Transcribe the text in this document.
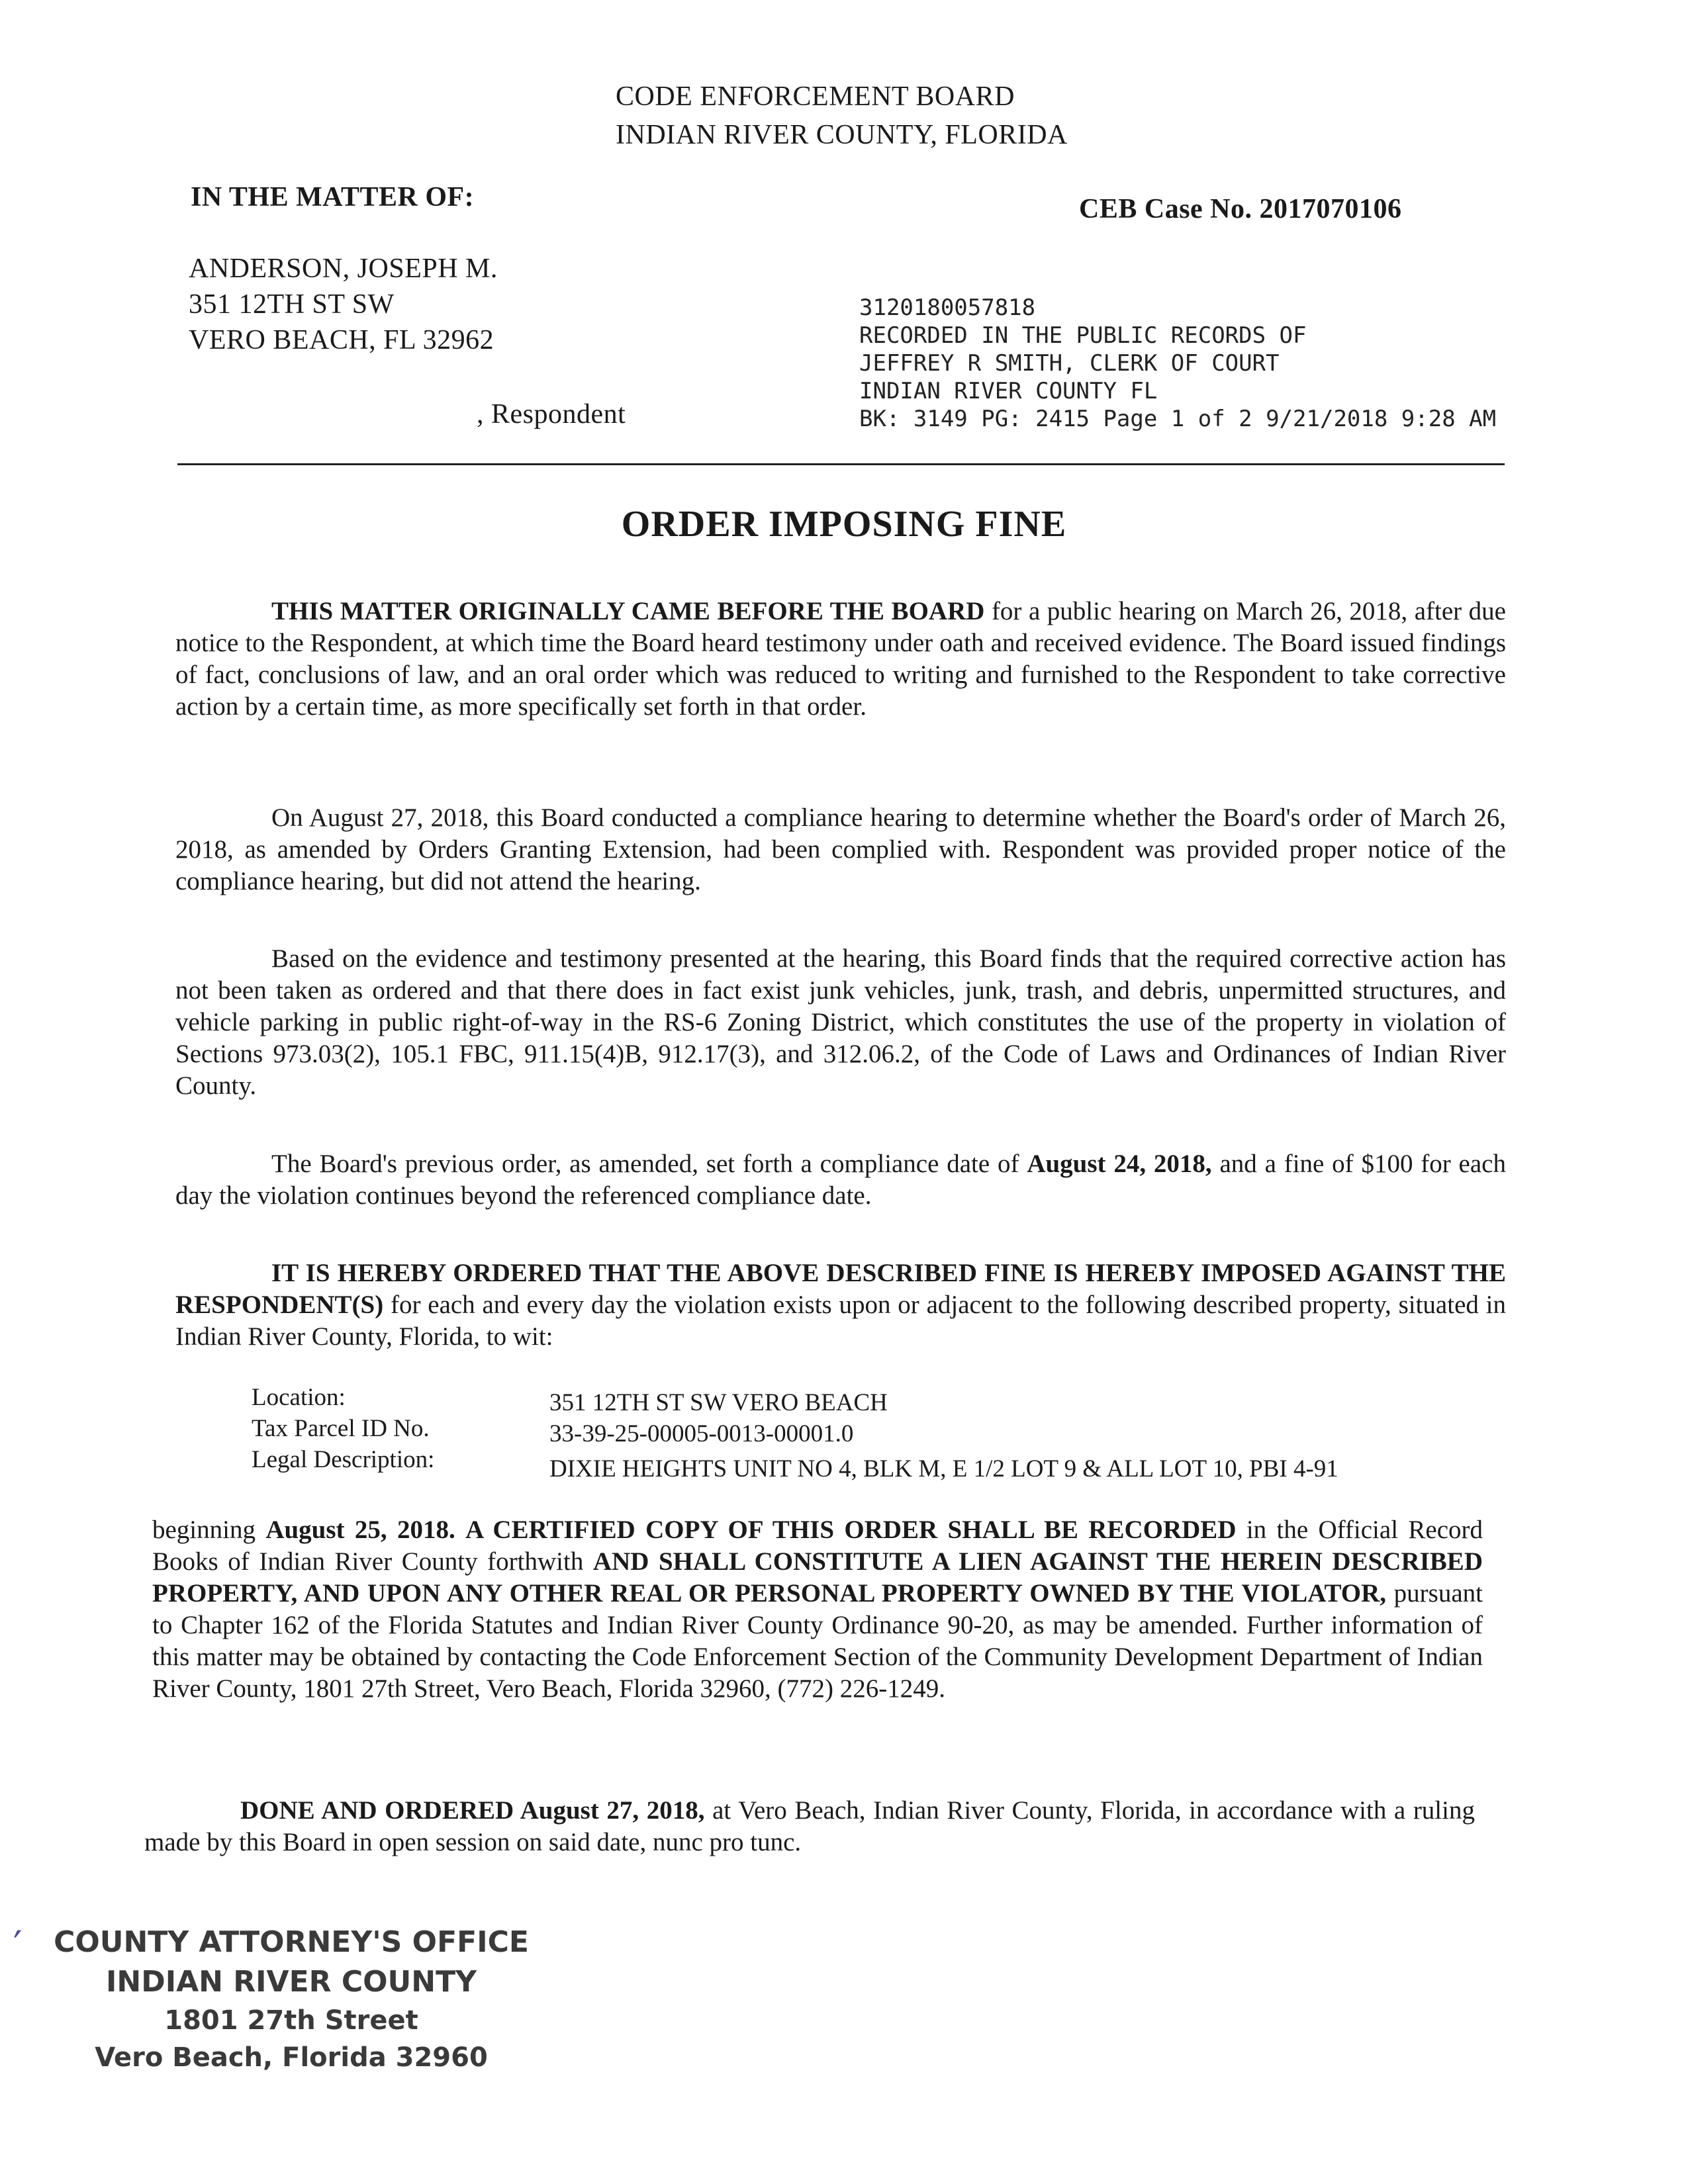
CODE ENFORCEMENT BOARD
INDIAN RIVER COUNTY, FLORIDA
IN THE MATTER OF:	CEB Case No. 2017070106
ANDERSON, JOSEPH M.
351 12TH ST SW
VERO BEACH, FL 32962
, Respondent
3120180057818
RECORDED IN THE PUBLIC RECORDS OF
JEFFREY R SMITH, CLERK OF COURT
INDIAN RIVER COUNTY FL
BK: 3149 PG: 2415 Page 1 of 2 9/21/2018 9:28 AM
ORDER IMPOSING FINE
THIS MATTER ORIGINALLY CAME BEFORE THE BOARD for a public hearing on March 26, 2018, after due notice to the Respondent, at which time the Board heard testimony under oath and received evidence. The Board issued findings of fact, conclusions of law, and an oral order which was reduced to writing and furnished to the Respondent to take corrective action by a certain time, as more specifically set forth in that order.
On August 27, 2018, this Board conducted a compliance hearing to determine whether the Board's order of March 26, 2018, as amended by Orders Granting Extension, had been complied with. Respondent was provided proper notice of the compliance hearing, but did not attend the hearing.
Based on the evidence and testimony presented at the hearing, this Board finds that the required corrective action has not been taken as ordered and that there does in fact exist junk vehicles, junk, trash, and debris, unpermitted structures, and vehicle parking in public right-of-way in the RS-6 Zoning District, which constitutes the use of the property in violation of Sections 973.03(2), 105.1 FBC, 911.15(4)B, 912.17(3), and 312.06.2, of the Code of Laws and Ordinances of Indian River County.
The Board's previous order, as amended, set forth a compliance date of August 24, 2018, and a fine of $100 for each day the violation continues beyond the referenced compliance date.
IT IS HEREBY ORDERED THAT THE ABOVE DESCRIBED FINE IS HEREBY IMPOSED AGAINST THE RESPONDENT(S) for each and every day the violation exists upon or adjacent to the following described property, situated in Indian River County, Florida, to wit:
Location:	351 12TH ST SW VERO BEACH
Tax Parcel ID No.	33-39-25-00005-0013-00001.0
Legal Description:	DIXIE HEIGHTS UNIT NO 4, BLK M, E 1/2 LOT 9 & ALL LOT 10, PBI 4-91
beginning August 25, 2018. A CERTIFIED COPY OF THIS ORDER SHALL BE RECORDED in the Official Record Books of Indian River County forthwith AND SHALL CONSTITUTE A LIEN AGAINST THE HEREIN DESCRIBED PROPERTY, AND UPON ANY OTHER REAL OR PERSONAL PROPERTY OWNED BY THE VIOLATOR, pursuant to Chapter 162 of the Florida Statutes and Indian River County Ordinance 90-20, as may be amended. Further information of this matter may be obtained by contacting the Code Enforcement Section of the Community Development Department of Indian River County, 1801 27th Street, Vero Beach, Florida 32960, (772) 226-1249.
DONE AND ORDERED August 27, 2018, at Vero Beach, Indian River County, Florida, in accordance with a ruling made by this Board in open session on said date, nunc pro tunc.
′	COUNTY ATTORNEY'S OFFICE
INDIAN RIVER COUNTY
1801 27th Street
Vero Beach, Florida 32960
